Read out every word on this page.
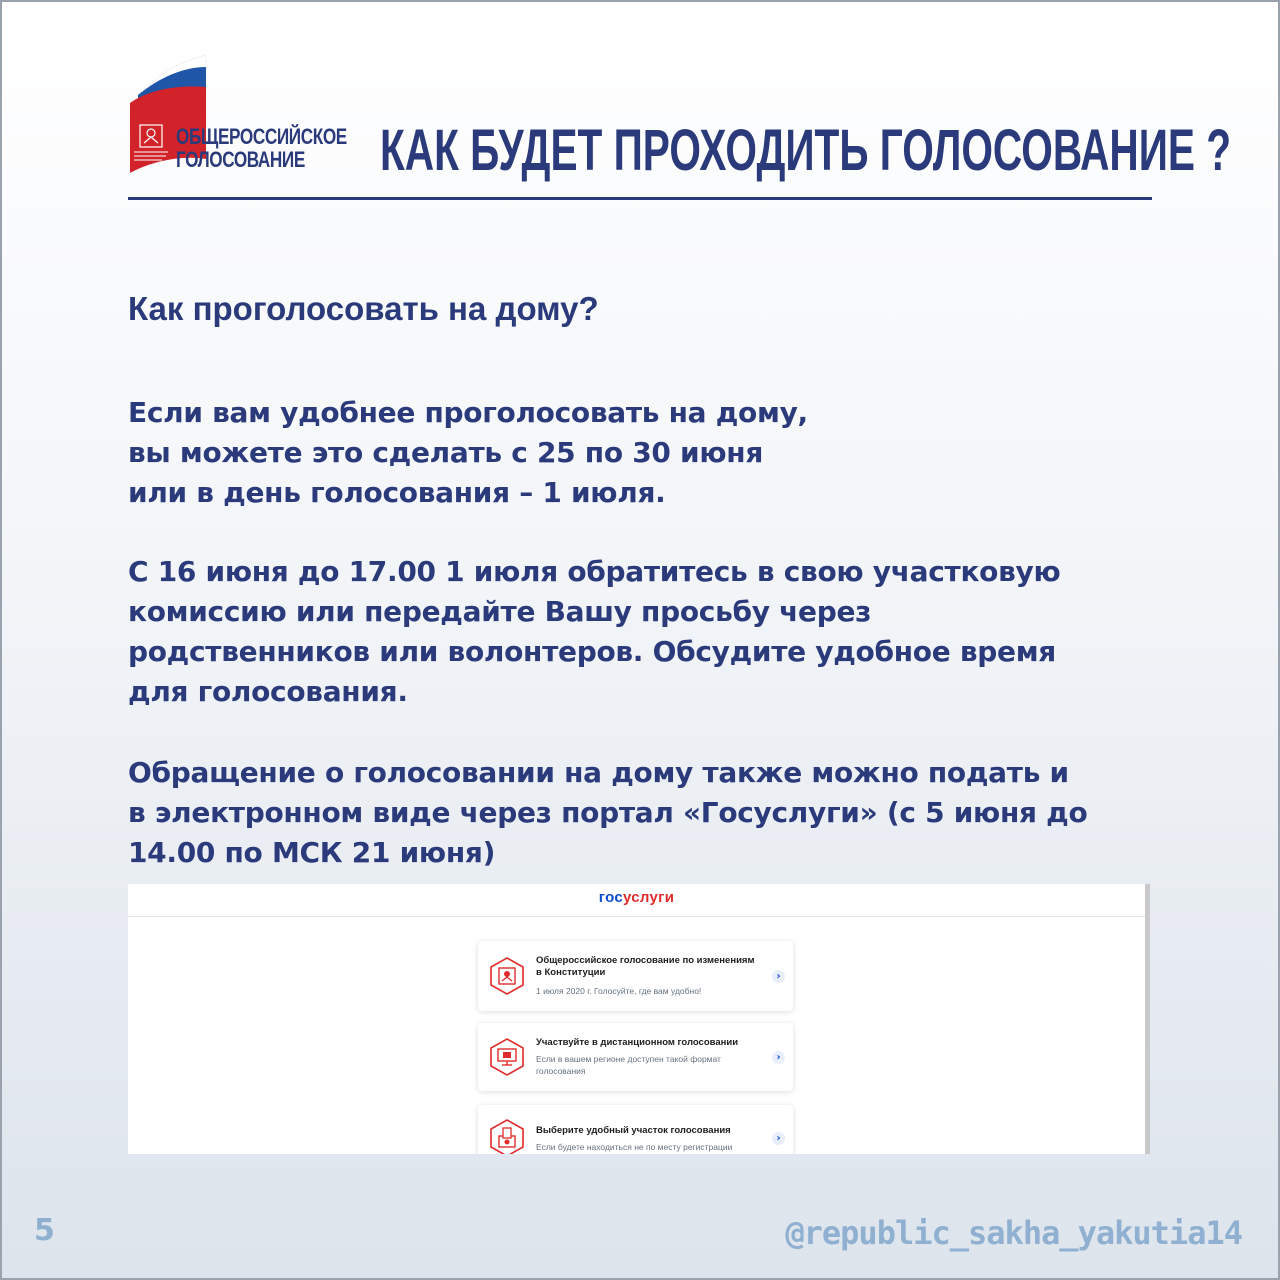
ОБЩЕРОССИЙСКОЕ
ГОЛОСОВАНИЕ	КАК БУДЕТ ПРОХОДИТЬ ГОЛОСОВАНИЕ ?
Как проголосовать на дому?
Если вам удобнее проголосовать на дому,
вы можете это сделать с 25 по 30 июня
или в день голосования – 1 июля.
С 16 июня до 17.00 1 июля обратитесь в свою участковую
комиссию или передайте Вашу просьбу через
родственников или волонтеров. Обсудите удобное время
для голосования.
Обращение о голосовании на дому также можно подать и
в электронном виде через портал «Госуслуги» (с 5 июня до
14.00 по МСК 21 июня)
госуслуги
Общероссийское голосование по изменениям в Конституции
1 июля 2020 г. Голосуйте, где вам удобно!
›
Участвуйте в дистанционном голосовании
Если в вашем регионе доступен такой формат голосования
›
Выберите удобный участок голосования
Если будете находиться не по месту регистрации
›
5	@republic_sakha_yakutia14
